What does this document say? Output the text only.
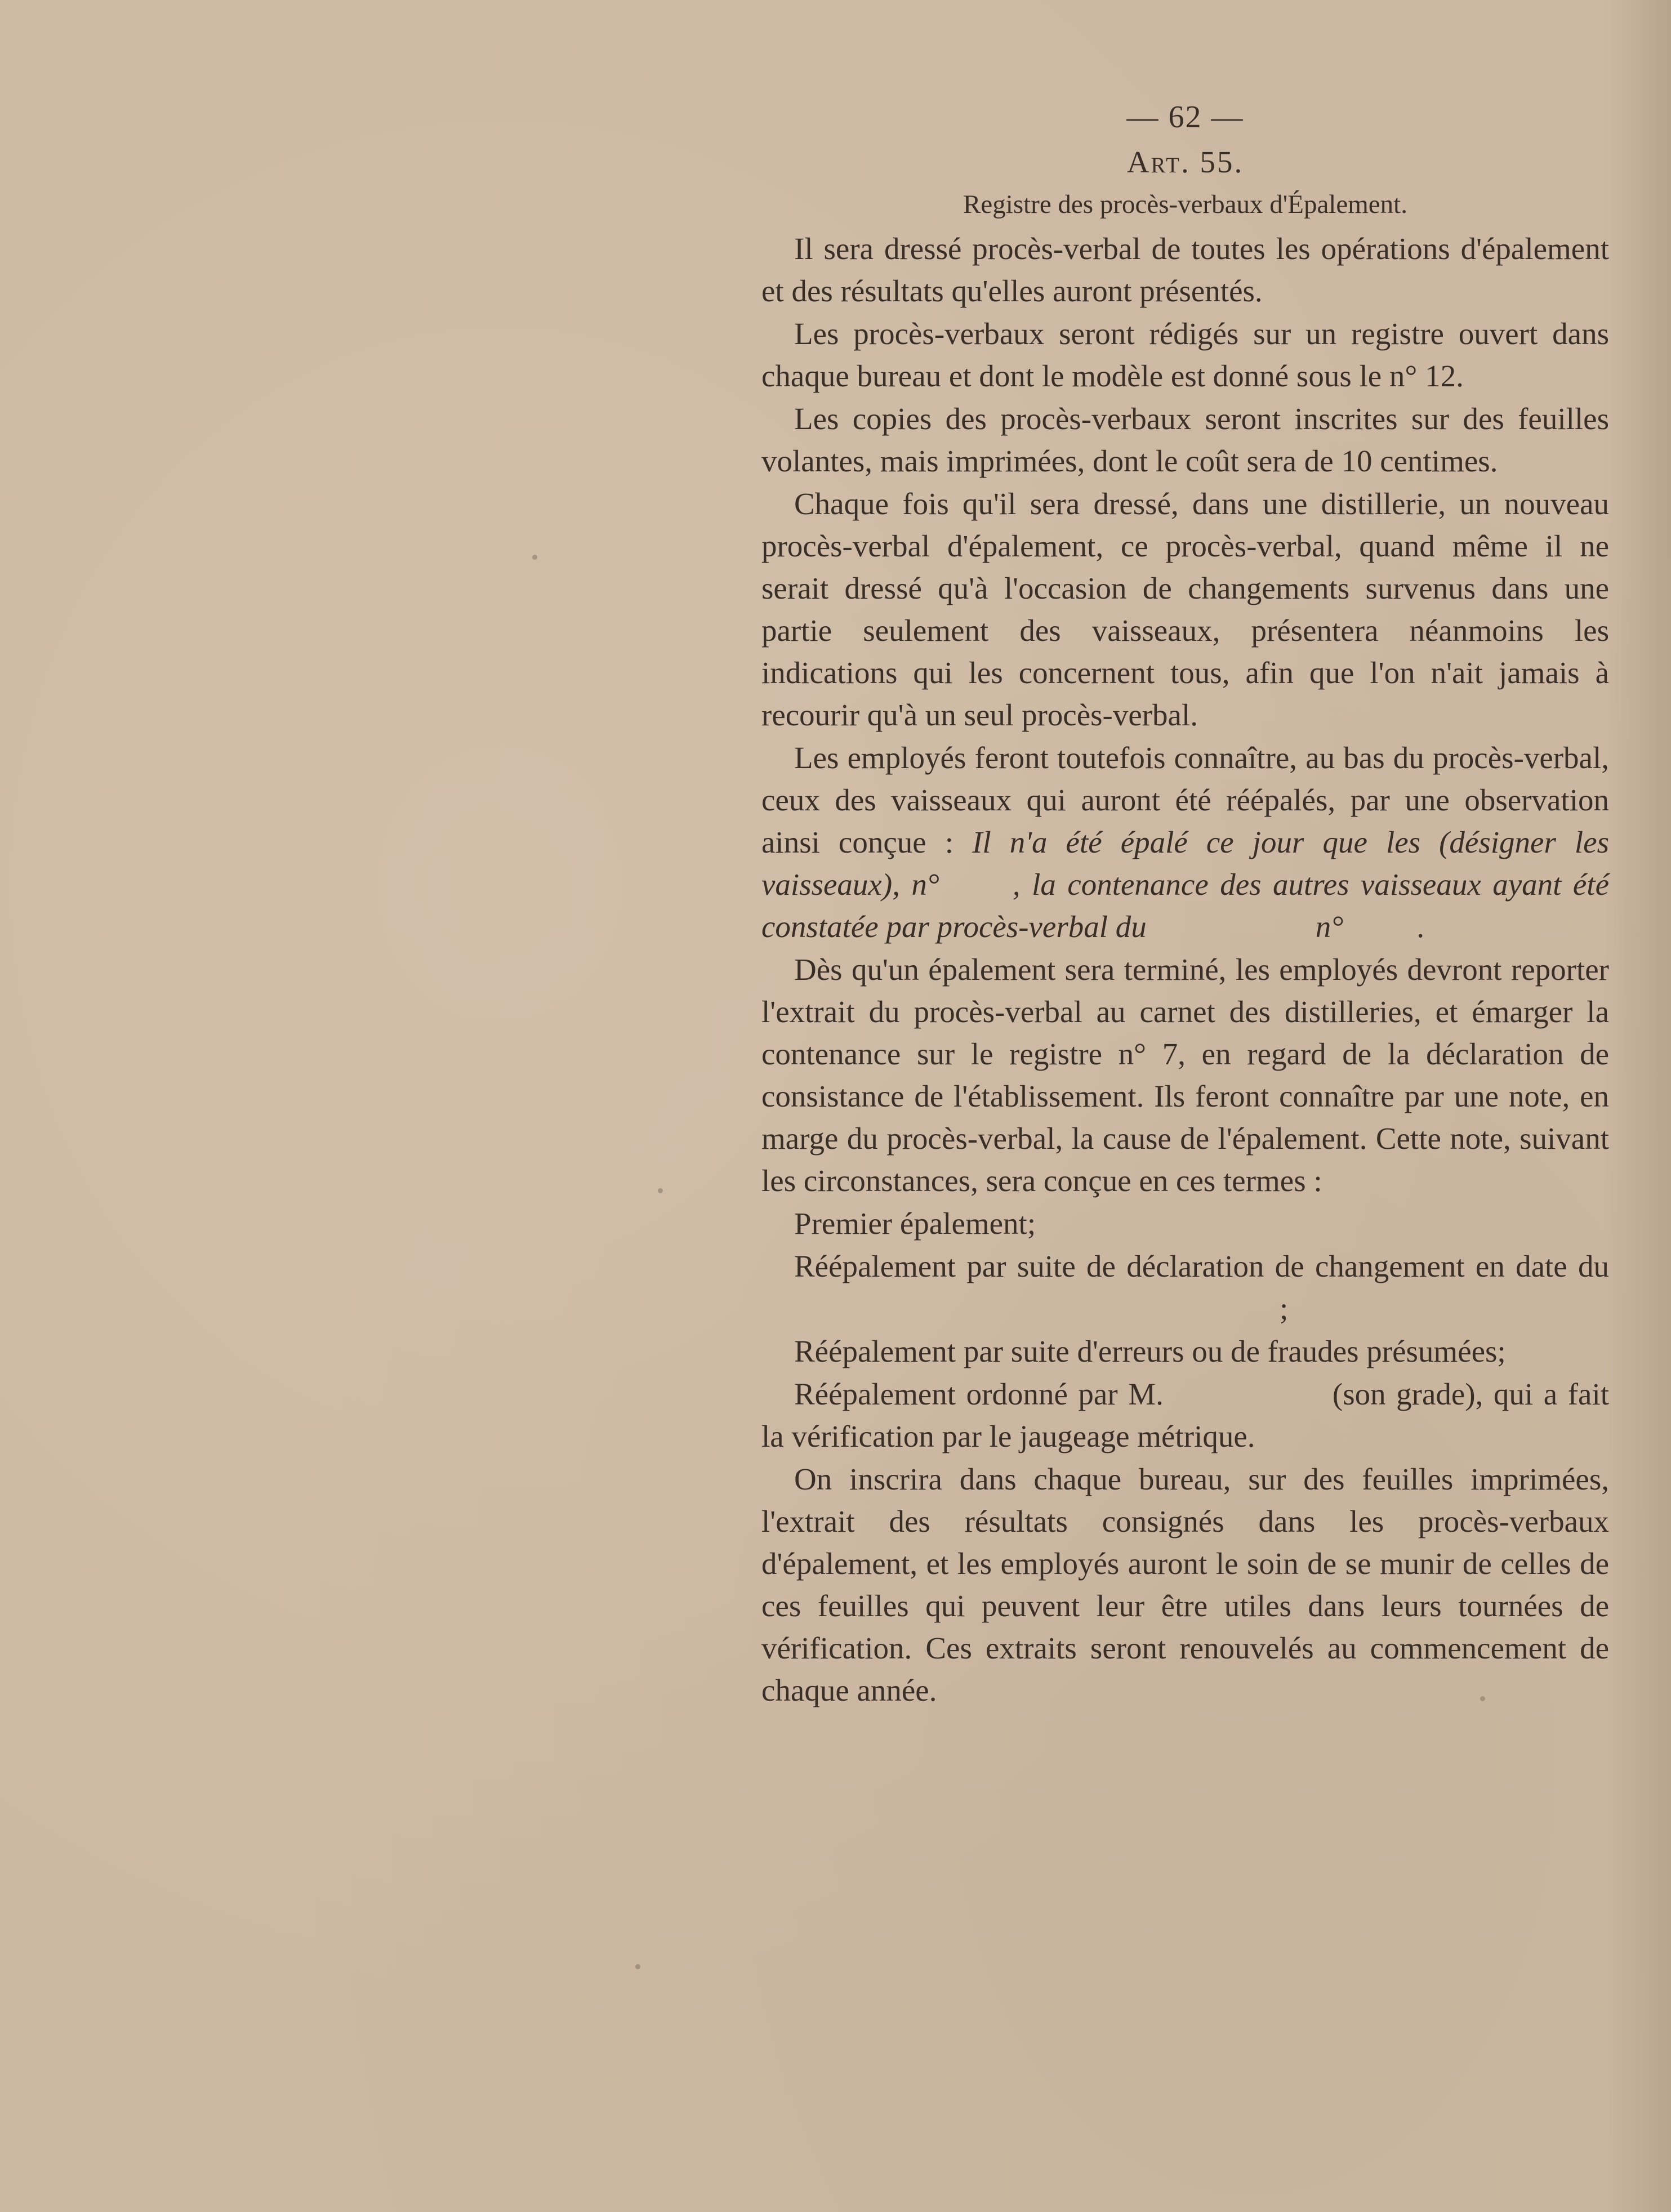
— 62 —

Art. 55.

Registre des procès-verbaux d'Épalement.

Il sera dressé procès-verbal de toutes les opérations d'épalement et des résultats qu'elles auront présentés.

Les procès-verbaux seront rédigés sur un registre ouvert dans chaque bureau et dont le modèle est donné sous le n° 12.

Les copies des procès-verbaux seront inscrites sur des feuilles volantes, mais imprimées, dont le coût sera de 10 centimes.

Chaque fois qu'il sera dressé, dans une distillerie, un nouveau procès-verbal d'épalement, ce procès-verbal, quand même il ne serait dressé qu'à l'occasion de changements survenus dans une partie seulement des vaisseaux, présentera néanmoins les indications qui les concernent tous, afin que l'on n'ait jamais à recourir qu'à un seul procès-verbal.

Les employés feront toutefois connaître, au bas du procès-verbal, ceux des vaisseaux qui auront été réépalés, par une observation ainsi conçue : Il n'a été épalé ce jour que les (désigner les vaisseaux), n° , la contenance des autres vaisseaux ayant été constatée par procès-verbal du	n° .

Dès qu'un épalement sera terminé, les employés devront reporter l'extrait du procès-verbal au carnet des distilleries, et émarger la contenance sur le registre n° 7, en regard de la déclaration de consistance de l'établissement. Ils feront connaître par une note, en marge du procès-verbal, la cause de l'épalement. Cette note, suivant les circonstances, sera conçue en ces termes :

Premier épalement;

Réépalement par suite de déclaration de changement en date du;

Réépalement par suite d'erreurs ou de fraudes présumées;

Réépalement ordonné par M.	(son grade), qui a fait la vérification par le jaugeage métrique.

On inscrira dans chaque bureau, sur des feuilles imprimées, l'extrait des résultats consignés dans les procès-verbaux d'épalement, et les employés auront le soin de se munir de celles de ces feuilles qui peuvent leur être utiles dans leurs tournées de vérification. Ces extraits seront renouvelés au commencement de chaque année.
